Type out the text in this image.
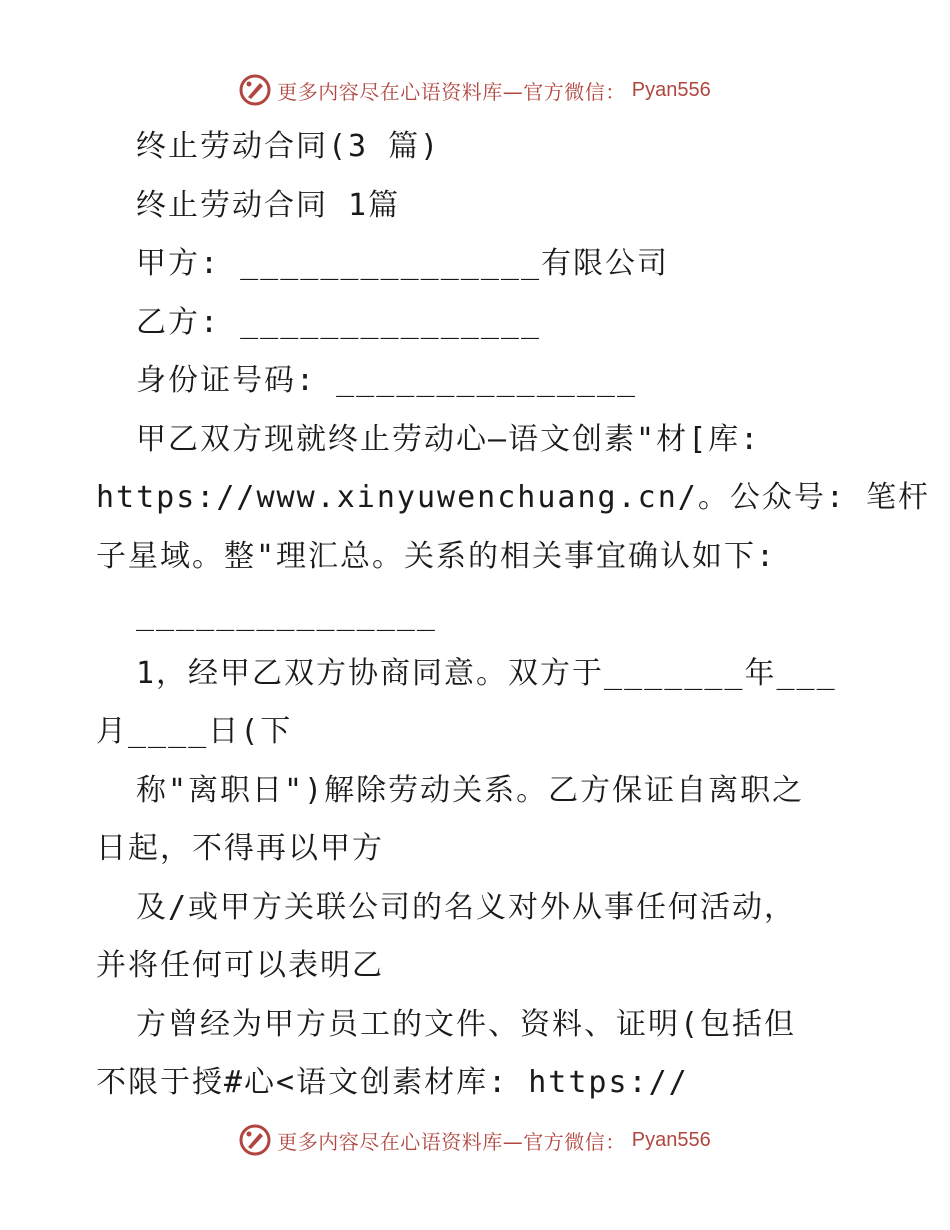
更多内容尽在心语资料库—官方微信： Pyan556
终止劳动合同(3 篇)
终止劳动合同 1篇
甲方: _______________有限公司
乙方: _______________
身份证号码: _______________
甲乙双方现就终止劳动心—语文创素"材[库:
https://www.xinyuwenchuang.cn/。公众号: 笔杆
子星域。整"理汇总。关系的相关事宜确认如下:
_______________
1，经甲乙双方协商同意。双方于_______年___
月____日(下
称"离职日")解除劳动关系。乙方保证自离职之
日起，不得再以甲方
及/或甲方关联公司的名义对外从事任何活动，
并将任何可以表明乙
方曾经为甲方员工的文件、资料、证明(包括但
不限于授#心<语文创素材库: https://
更多内容尽在心语资料库—官方微信： Pyan556
